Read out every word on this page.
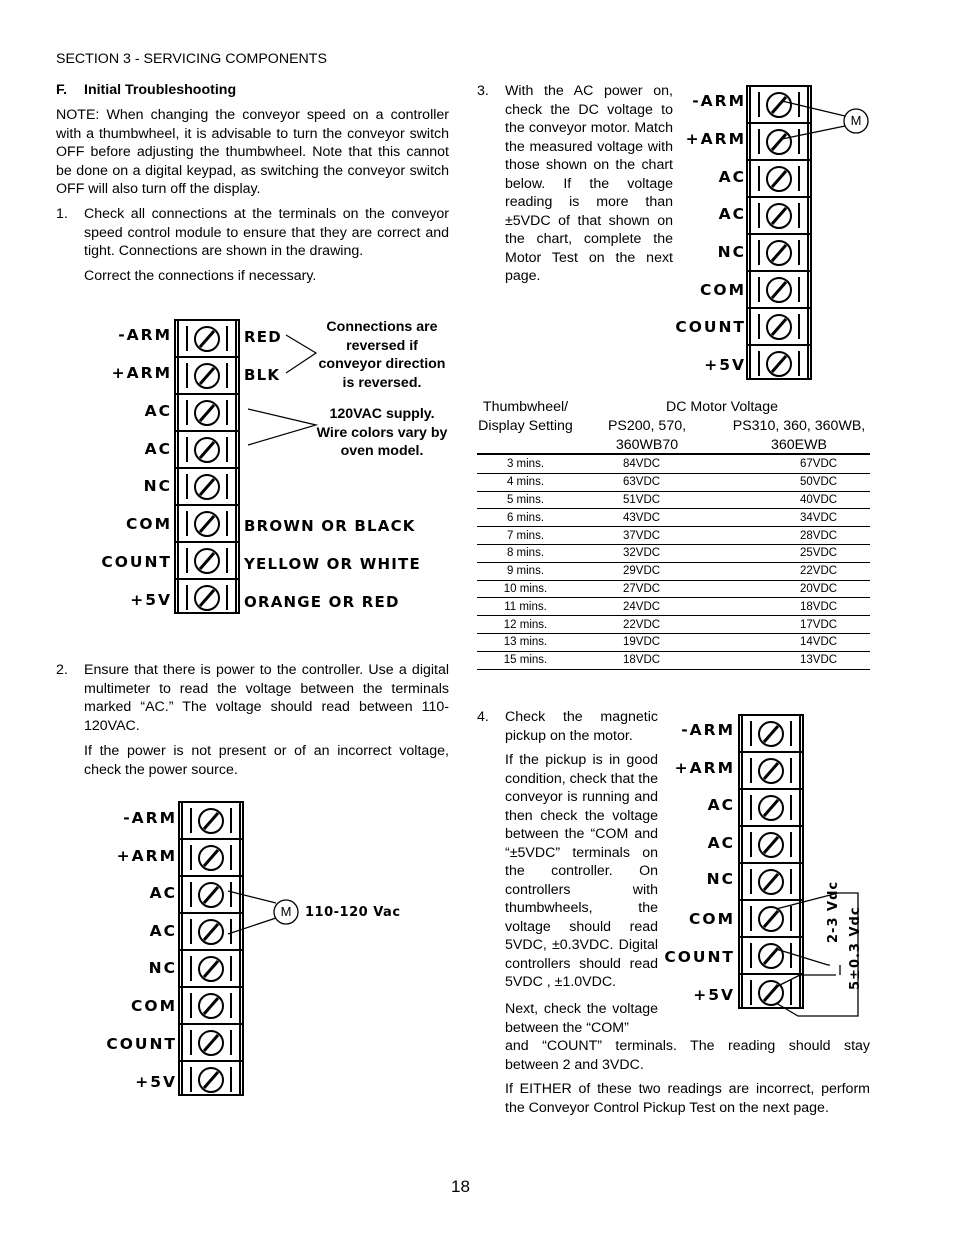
SECTION 3 - SERVICING COMPONENTS
F. Initial Troubleshooting
NOTE: When changing the conveyor speed on a controller with a thumbwheel, it is advisable to turn the conveyor switch OFF before adjusting the thumbwheel. Note that this cannot be done on a digital keypad, as switching the conveyor switch OFF will also turn off the display.
1. Check all connections at the terminals on the conveyor speed control module to ensure that they are correct and tight. Connections are shown in the drawing.
Correct the connections if necessary.
-ARM
+ARM
AC
AC
NC
COM
COUNT
+5V
RED
BLK
Connections are reversed if conveyor direction is reversed.
120VAC supply. Wire colors vary by oven model.
BROWN OR BLACK
YELLOW OR WHITE
ORANGE OR RED
2. Ensure that there is power to the controller. Use a digital multimeter to read the voltage between the terminals marked “AC.” The voltage should read between 110-120VAC.
If the power is not present or of an incorrect voltage, check the power source.
-ARM
+ARM
AC
AC
NC
COM
COUNT
+5V
M	110-120 Vac
3. With the AC power on, check the DC voltage to the conveyor motor. Match the measured voltage with those shown on the chart below. If the voltage reading is more than ±5VDC of that shown on the chart, complete the Motor Test on the next page.
-ARM
+ARM
AC
AC
NC
COM
COUNT
+5V
M
Thumbwheel/ Display Setting
DC Motor Voltage
PS200, 570, 360WB70
PS310, 360, 360WB, 360EWB
3 mins.	84VDC	67VDC
4 mins.	63VDC	50VDC
5 mins.	51VDC	40VDC
6 mins.	43VDC	34VDC
7 mins.	37VDC	28VDC
8 mins.	32VDC	25VDC
9 mins.	29VDC	22VDC
10 mins.	27VDC	20VDC
11 mins.	24VDC	18VDC
12 mins.	22VDC	17VDC
13 mins.	19VDC	14VDC
15 mins.	18VDC	13VDC
4. Check the magnetic pickup on the motor.
If the pickup is in good condition, check that the conveyor is running and then check the voltage between the “COM and “±5VDC” terminals on the controller. On controllers with thumbwheels, the voltage should read 5VDC, ±0.3VDC. Digital controllers should read 5VDC , ±1.0VDC.
Next, check the voltage between the “COM”
and “COUNT” terminals. The reading should stay between 2 and 3VDC.
If EITHER of these two readings are incorrect, perform the Conveyor Control Pickup Test on the next page.
-ARM
+ARM
AC
AC
NC
COM
COUNT
+5V
2-3 Vdc 5±0.3 Vdc
18
